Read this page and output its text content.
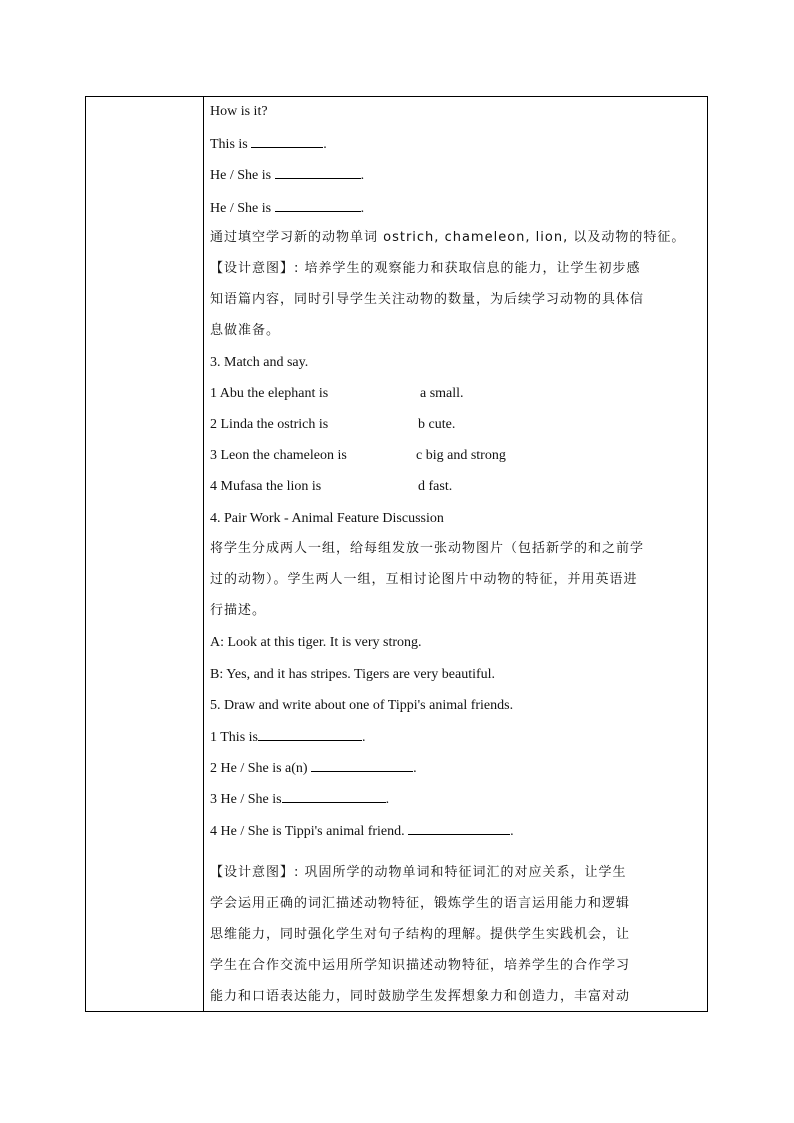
How is it?
This is	.
He / She is	.
He / She is	.
通过填空学习新的动物单词 ostrich, chameleon, lion, 以及动物的特征。
【设计意图】: 培养学生的观察能力和获取信息的能力，让学生初步感
知语篇内容，同时引导学生关注动物的数量，为后续学习动物的具体信
息做准备。
3. Match and say.
1 Abu the elephant is	a small.
2 Linda the ostrich is	b cute.
3 Leon the chameleon is	c big and strong
4 Mufasa the lion is	d fast.
4. Pair Work - Animal Feature Discussion
将学生分成两人一组，给每组发放一张动物图片（包括新学的和之前学
过的动物）。学生两人一组，互相讨论图片中动物的特征，并用英语进
行描述。
A: Look at this tiger. It is very strong.
B: Yes, and it has stripes. Tigers are very beautiful.
5. Draw and write about one of Tippi's animal friends.
1 This is	.
2 He / She is a(n)	.
3 He / She is	.
4 He / She is Tippi's animal friend.	.
【设计意图】: 巩固所学的动物单词和特征词汇的对应关系，让学生
学会运用正确的词汇描述动物特征，锻炼学生的语言运用能力和逻辑
思维能力，同时强化学生对句子结构的理解。提供学生实践机会，让
学生在合作交流中运用所学知识描述动物特征，培养学生的合作学习
能力和口语表达能力，同时鼓励学生发挥想象力和创造力，丰富对动
